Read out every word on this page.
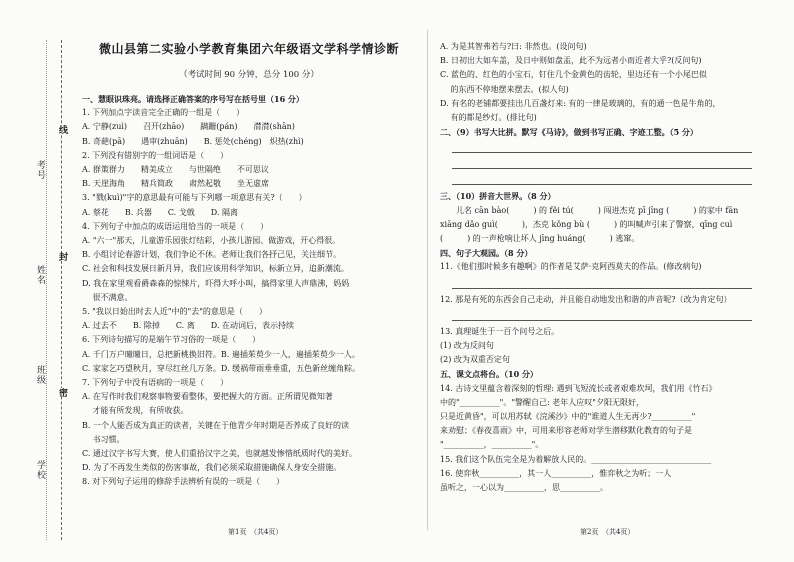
考号
姓名
班级
学校
线
封
密
微山县第二实验小学教育集团六年级语文学科学情诊断
（考试时间 90 分钟，总分 100 分）
一、慧眼识珠亮。请选择正确答案的序号写在括号里（16 分）
1. 下列加点字读音完全正确的一组是（　　）
A. 宁静(zuì)　　召开(zhāo)　　蹒跚(pán)　　潸潸(shān)
B. 奇葩(pā)　　遇审(zhuān)　　B. 惩处(chéng)　炽热(zhì)
2. 下列没有错别字的一组词语是（　　）
A. 群策群力　　精美成立　　与世隔绝　　不可思议
B. 天崖海角　　精兵简政　　肃然起敬　　坐无虚席
3. "戮(kuì)"字的意思最有可能与下列哪一项意思有关?（　　）
A. 蔡花　　B. 兵器　　C. 戈戟　　D. 隔离
4. 下列句子中加点的成语运用恰当的一项是（　　）
A. "六一"那天，儿童游乐园张灯结彩，小孩儿游园、做游戏，开心得很。
B. 小组讨论春游计划，我们争论不休。老师让我们各抒己见，关注细节。
C. 社会和科技发展日新月异，我们应该用科学知识，标新立异，追新潮流。
D. 我在家里观看爵森森的惊悚片，吓得大呼小叫，搞得家里人声鼎沸，妈妈
　 很不满意。
5. "我以日始出时去人近"中的"去"的意思是（　　）
A. 过去不　　B. 除掉　　C. 离　　D. 在动词后，表示持续
6. 下列诗句描写的是端午节习俗的一项是（　　）
A. 千门万户曈曈日，总把新桃换旧符。B. 遍插茱萸少一人，遍插茱萸少一人。
C. 家家乞巧望秋月，穿尽红丝几万条。D. 缓祸带雨垂垂重，五色新丝缠角粽。
7. 下列句子中没有语病的一项是（　　）
A. 在写作时我们观察事物要看整体，要把握大的方面。正所谓见微知著
　 才能有所发现，有所收获。
B. 一个人能否成为真正的读者，关键在于他青少年时期是否养成了良好的读
　 书习惯。
C. 通过汉字书写大赛，使人们重拾汉字之美，也就越发惨惜纸质时代的美好。
D. 为了不再发生类似的伤害事故，我们必须采取措施确保人身安全措施。
8. 对下列句子运用的修辞手法辨析有误的一项是（　　）
A. 为是其智弗若与?曰: 非然也。(设问句)
B. 日初出大如车盖，及日中则如盘盂，此不为远者小而近者大乎?(反问句)
C. 蓝色的、红色的小宝石，钉住几个金黄色的齿轮，里边还有一个小尾巴似
　 的东西不停地摆来摆去。(拟人句)
D. 有名的老铺都要挂出几百盏灯来: 有的一律是玻璃的，有的通一色是牛角的，
　 有的都是纱灯。(排比句)
二、（9）书写大比拼。默写《马诗》，做到书写正确、字迹工整。（5 分）
三、（10）拼音大世界。（8 分）
　　儿名 cān bào(　　　) 的 fěi tú(　　　) 闯进杰克 pī jīng (　　　) 的家中 fān
xiāng dǎo guì(　　　)，杰克 kǒng bù (　　　) 的叫喊声引来了警察，qīng cuì
(　　　) 的一声枪响让坏人 jīng huáng(　　　) 逃窜。
四、句子大观园。（8 分）
11.《他们那时候多有趣啊》的作者是艾萨·克阿西莫夫的作品。(修改病句)
12. 那是有死的东西会自己走动，并且能自动地发出和谐的声音呢?（改为肯定句）
13. 真理诞生于一百个问号之后。
(1) 改为反问句
(2) 改为双重否定句
五、课文点将台。（10 分）
14. 古诗文里蕴含着深刻的哲理: 遇到飞短流长或者艰难坎坷，我们用《竹石》
中的"__________"。"警醒自己: 老年人应叹"夕阳无限好，
只是近黄昏"，可以用苏轼《浣溪沙》中的"谁道人生无再少?__________"
来劝慰；《春夜喜雨》中，可用来形容老师对学生潜移默化教育的句子是
"__________，__________"。
15. 我们这个队伍完全是为着解放人民的。______________________________
16. 使弈秋__________，其一人__________，惟弈秋之为听；一人
虽听之，一心以为__________，思__________。
第1页　（共4页）	第2页　（共4页）
